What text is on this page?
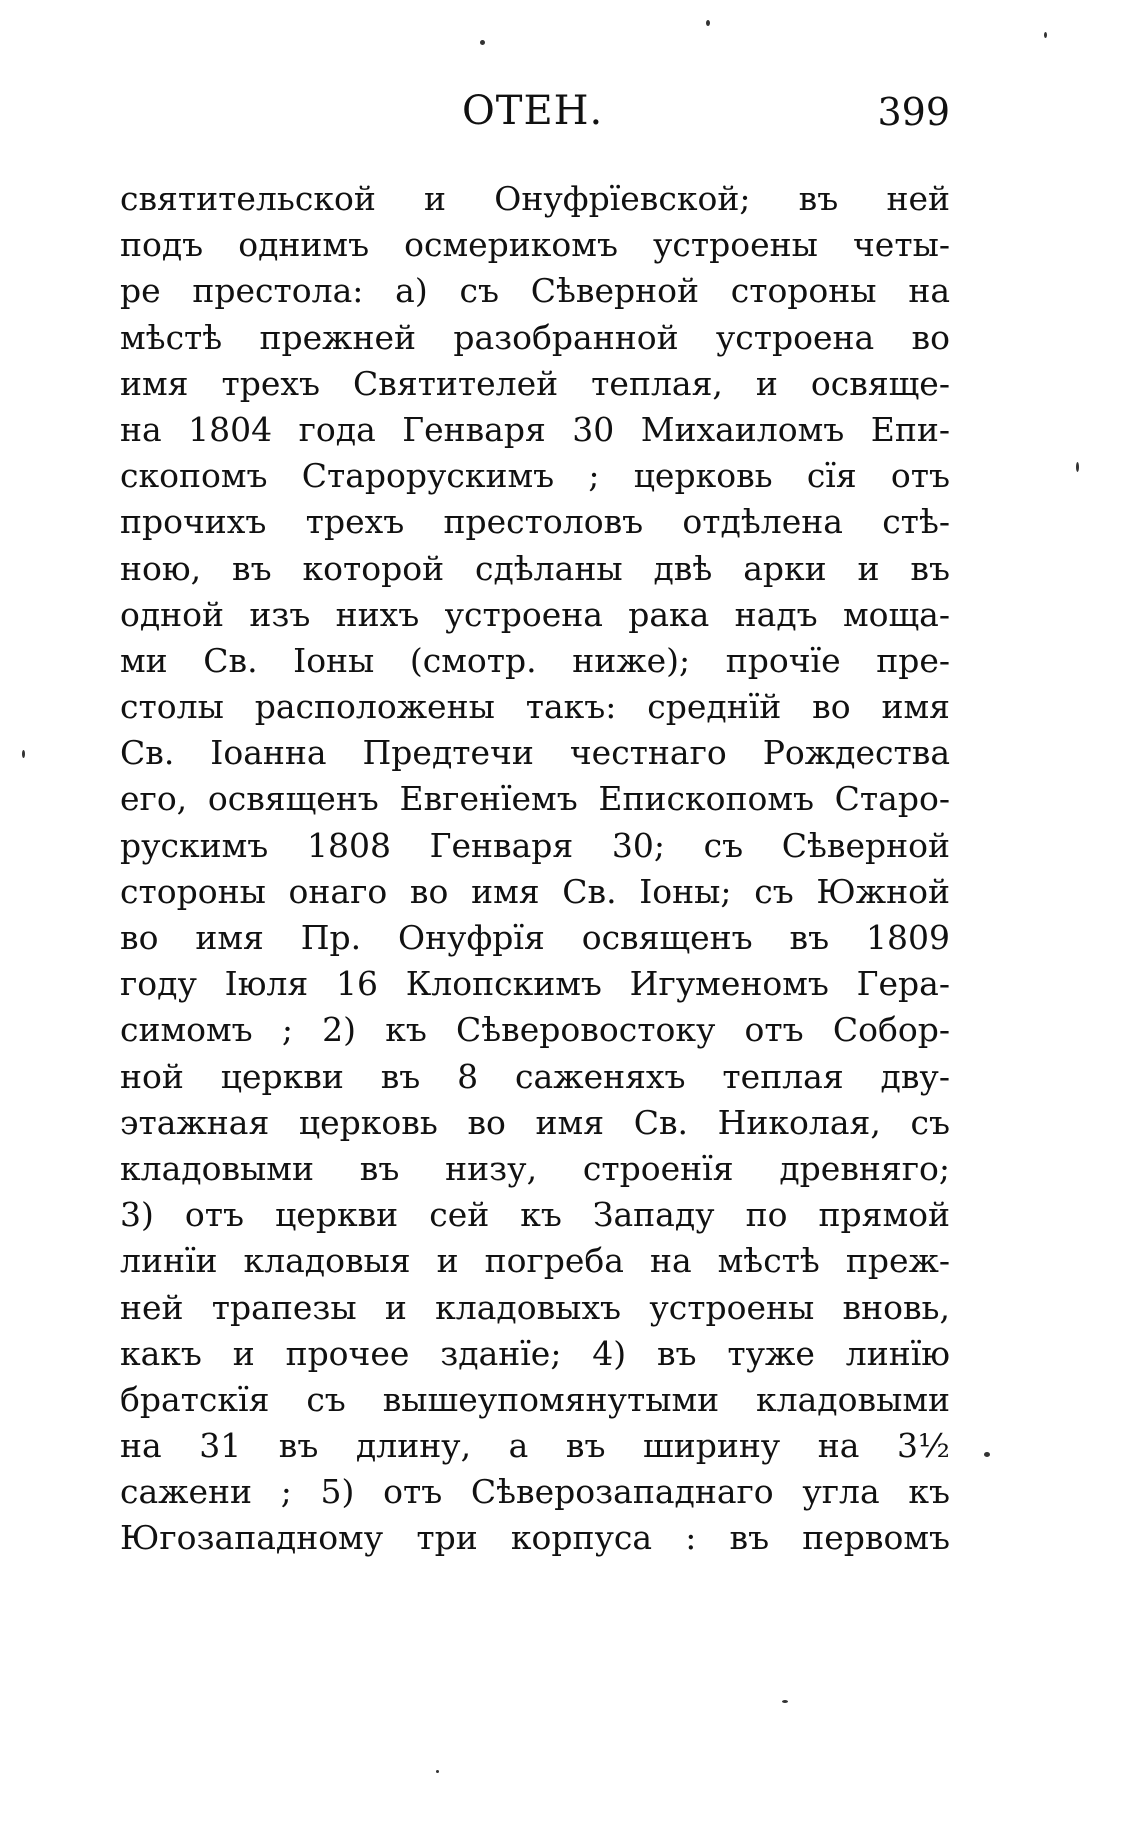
ОТЕН.	399
святительской и Онуфрїевской; въ ней
подъ однимъ осмерикомъ устроены четы-
ре престола: а) съ Сѣверной стороны на
мѣстѣ прежней разобранной устроена во
имя трехъ Святителей теплая, и освяще-
на 1804 года Генваря 30 Михаиломъ Епи-
скопомъ Старорускимъ ; церковь сїя отъ
прочихъ трехъ престоловъ отдѣлена стѣ-
ною, въ которой сдѣланы двѣ арки и въ
одной изъ нихъ устроена рака надъ моща-
ми Св. Іоны (смотр. ниже); прочїе пре-
столы расположены такъ: среднїй во имя
Св. Іоанна Предтечи честнаго Рождества
его, освященъ Евгенїемъ Епископомъ Старо-
рускимъ 1808 Генваря 30; съ Сѣверной
стороны онаго во имя Св. Іоны; съ Южной
во имя Пр. Онуфрїя освященъ въ 1809
году Іюля 16 Клопскимъ Игуменомъ Гера-
симомъ ; 2) къ Сѣверовостоку отъ Собор-
ной церкви въ 8 саженяхъ теплая дву-
этажная церковь во имя Св. Николая, съ
кладовыми въ низу, строенїя древняго;
3) отъ церкви сей къ Западу по прямой
линїи кладовыя и погреба на мѣстѣ преж-
ней трапезы и кладовыхъ устроены вновь,
какъ и прочее зданїе; 4) въ туже линїю
братскїя съ вышеупомянутыми кладовыми
на 31 въ длину, а въ ширину на 3½
сажени ; 5) отъ Сѣверозападнаго угла къ
Югозападному три корпуса : въ первомъ
